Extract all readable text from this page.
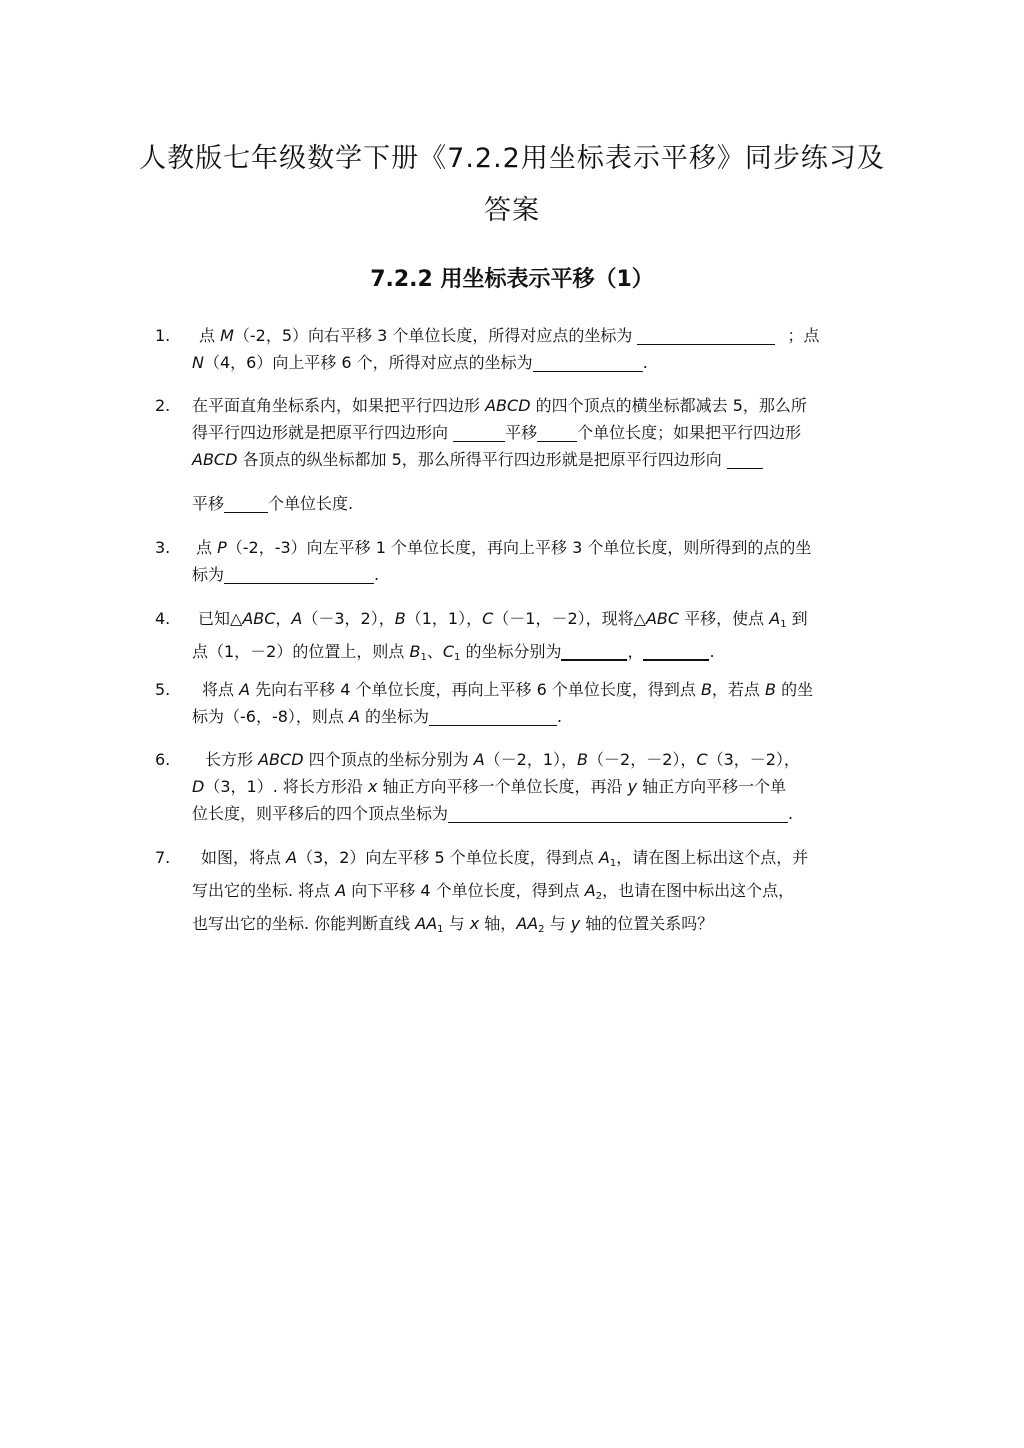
人教版七年级数学下册《7.2.2用坐标表示平移》同步练习及
答案
7.2.2 用坐标表示平移（1）
1. 点 M（-2，5）向右平移 3 个单位长度，所得对应点的坐标为	；点
N（4，6）向上平移 6 个，所得对应点的坐标为	.
2. 在平面直角坐标系内，如果把平行四边形 ABCD 的四个顶点的横坐标都减去 5，那么所
得平行四边形就是把原平行四边形向	平移	个单位长度；如果把平行四边形
ABCD 各顶点的纵坐标都加 5，那么所得平行四边形就是把原平行四边形向
平移	个单位长度.
3. 点 P（-2，-3）向左平移 1 个单位长度，再向上平移 3 个单位长度，则所得到的点的坐
标为	.
4. 已知△ABC，A（－3，2），B（1，1），C（－1，－2），现将△ABC 平移，使点 $A_1$ 到
点（1，－2）的位置上，则点 $B_1$、$C_1$ 的坐标分别为	，	.
5. 将点 A 先向右平移 4 个单位长度，再向上平移 6 个单位长度，得到点 B，若点 B 的坐
标为（-6，-8），则点 A 的坐标为	.
6. 长方形 ABCD 四个顶点的坐标分别为 A（－2，1），B（－2，－2），C（3，－2），
D（3，1）. 将长方形沿 x 轴正方向平移一个单位长度，再沿 y 轴正方向平移一个单
位长度，则平移后的四个顶点坐标为	.
7. 如图，将点 A（3，2）向左平移 5 个单位长度，得到点 $A_1$，请在图上标出这个点，并
写出它的坐标. 将点 A 向下平移 4 个单位长度，得到点 $A_2$，也请在图中标出这个点，
也写出它的坐标. 你能判断直线 $AA_1$ 与 x 轴，$AA_2$ 与 y 轴的位置关系吗？
